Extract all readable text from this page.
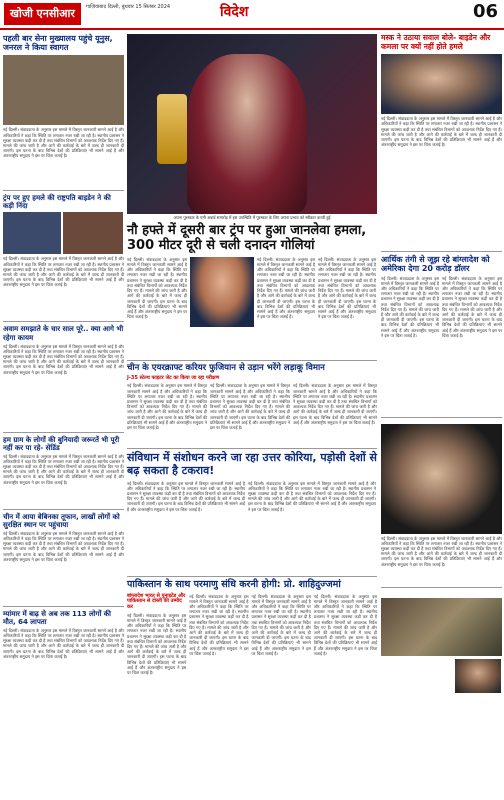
खोजी एनसीआर	गाज़ियाबाद दिल्ली, बुधवार 15 सितंबर 2024	विदेश	06
पहली बार सेना मुख्यालय पहुंचे यूनुस, जनरल ने किया स्वागत
नई दिल्ली। संवाददाता के अनुसार इस मामले में विस्तृत जानकारी सामने आई है और अधिकारियों ने कहा कि स्थिति पर लगातार नजर रखी जा रही है। स्थानीय प्रशासन ने सुरक्षा व्यवस्था कड़ी कर दी है तथा संबंधित विभागों को आवश्यक निर्देश दिए गए हैं। मामले की जांच जारी है और आगे की कार्रवाई के बारे में जल्द ही जानकारी दी जाएगी। इस घटना के बाद विभिन्न देशों की प्रतिक्रियाएं भी सामने आई हैं और अंतरराष्ट्रीय समुदाय ने इस पर चिंता जताई है।
ट्रंप पर हुए हमले की राष्ट्रपति बाइडेन ने की कड़ी निंदा
नई दिल्ली। संवाददाता के अनुसार इस मामले में विस्तृत जानकारी सामने आई है और अधिकारियों ने कहा कि स्थिति पर लगातार नजर रखी जा रही है। स्थानीय प्रशासन ने सुरक्षा व्यवस्था कड़ी कर दी है तथा संबंधित विभागों को आवश्यक निर्देश दिए गए हैं। मामले की जांच जारी है और आगे की कार्रवाई के बारे में जल्द ही जानकारी दी जाएगी। इस घटना के बाद विभिन्न देशों की प्रतिक्रियाएं भी सामने आई हैं और अंतरराष्ट्रीय समुदाय ने इस पर चिंता जताई है।
अवाम समझाते के चार साल पूरे.. क्या आगे भी रहेगा कायम
नई दिल्ली। संवाददाता के अनुसार इस मामले में विस्तृत जानकारी सामने आई है और अधिकारियों ने कहा कि स्थिति पर लगातार नजर रखी जा रही है। स्थानीय प्रशासन ने सुरक्षा व्यवस्था कड़ी कर दी है तथा संबंधित विभागों को आवश्यक निर्देश दिए गए हैं। मामले की जांच जारी है और आगे की कार्रवाई के बारे में जल्द ही जानकारी दी जाएगी। इस घटना के बाद विभिन्न देशों की प्रतिक्रियाएं भी सामने आई हैं और अंतरराष्ट्रीय समुदाय ने इस पर चिंता जताई है।
हम ग्राम के लोगों की बुनियादी जरूरतें भी पूरी नहीं कर पा रहे- सेडिंड
नई दिल्ली। संवाददाता के अनुसार इस मामले में विस्तृत जानकारी सामने आई है और अधिकारियों ने कहा कि स्थिति पर लगातार नजर रखी जा रही है। स्थानीय प्रशासन ने सुरक्षा व्यवस्था कड़ी कर दी है तथा संबंधित विभागों को आवश्यक निर्देश दिए गए हैं। मामले की जांच जारी है और आगे की कार्रवाई के बारे में जल्द ही जानकारी दी जाएगी। इस घटना के बाद विभिन्न देशों की प्रतिक्रियाएं भी सामने आई हैं और अंतरराष्ट्रीय समुदाय ने इस पर चिंता जताई है।
चीन में आया बेबिनका तूफान, लाखों लोगों को सुरक्षित स्थान पर पहुंचाया
नई दिल्ली। संवाददाता के अनुसार इस मामले में विस्तृत जानकारी सामने आई है और अधिकारियों ने कहा कि स्थिति पर लगातार नजर रखी जा रही है। स्थानीय प्रशासन ने सुरक्षा व्यवस्था कड़ी कर दी है तथा संबंधित विभागों को आवश्यक निर्देश दिए गए हैं। मामले की जांच जारी है और आगे की कार्रवाई के बारे में जल्द ही जानकारी दी जाएगी। इस घटना के बाद विभिन्न देशों की प्रतिक्रियाएं भी सामने आई हैं और अंतरराष्ट्रीय समुदाय ने इस पर चिंता जताई है।
म्यांमार में बाढ़ से अब तक 113 लोगों की मौत, 64 लापता
नई दिल्ली। संवाददाता के अनुसार इस मामले में विस्तृत जानकारी सामने आई है और अधिकारियों ने कहा कि स्थिति पर लगातार नजर रखी जा रही है। स्थानीय प्रशासन ने सुरक्षा व्यवस्था कड़ी कर दी है तथा संबंधित विभागों को आवश्यक निर्देश दिए गए हैं। मामले की जांच जारी है और आगे की कार्रवाई के बारे में जल्द ही जानकारी दी जाएगी। इस घटना के बाद विभिन्न देशों की प्रतिक्रियाएं भी सामने आई हैं और अंतरराष्ट्रीय समुदाय ने इस पर चिंता जताई है।
अपना पुरस्कार के एमी अवार्ड समारोह में इस उपस्थिति में पुरस्कार के लिए अपना प्रभाव को स्वीकार करती हुई
नौ हफ्ते में दूसरी बार ट्रंप पर हुआ जानलेवा हमला, 300 मीटर दूरी से चली दनादन गोलियां
नई दिल्ली। संवाददाता के अनुसार इस मामले में विस्तृत जानकारी सामने आई है और अधिकारियों ने कहा कि स्थिति पर लगातार नजर रखी जा रही है। स्थानीय प्रशासन ने सुरक्षा व्यवस्था कड़ी कर दी है तथा संबंधित विभागों को आवश्यक निर्देश दिए गए हैं। मामले की जांच जारी है और आगे की कार्रवाई के बारे में जल्द ही जानकारी दी जाएगी। इस घटना के बाद विभिन्न देशों की प्रतिक्रियाएं भी सामने आई हैं और अंतरराष्ट्रीय समुदाय ने इस पर चिंता जताई है।
नई दिल्ली। संवाददाता के अनुसार इस मामले में विस्तृत जानकारी सामने आई है और अधिकारियों ने कहा कि स्थिति पर लगातार नजर रखी जा रही है। स्थानीय प्रशासन ने सुरक्षा व्यवस्था कड़ी कर दी है तथा संबंधित विभागों को आवश्यक निर्देश दिए गए हैं। मामले की जांच जारी है और आगे की कार्रवाई के बारे में जल्द ही जानकारी दी जाएगी। इस घटना के बाद विभिन्न देशों की प्रतिक्रियाएं भी सामने आई हैं और अंतरराष्ट्रीय समुदाय ने इस पर चिंता जताई है।
नई दिल्ली। संवाददाता के अनुसार इस मामले में विस्तृत जानकारी सामने आई है और अधिकारियों ने कहा कि स्थिति पर लगातार नजर रखी जा रही है। स्थानीय प्रशासन ने सुरक्षा व्यवस्था कड़ी कर दी है तथा संबंधित विभागों को आवश्यक निर्देश दिए गए हैं। मामले की जांच जारी है और आगे की कार्रवाई के बारे में जल्द ही जानकारी दी जाएगी। इस घटना के बाद विभिन्न देशों की प्रतिक्रियाएं भी सामने आई हैं और अंतरराष्ट्रीय समुदाय ने इस पर चिंता जताई है।
चीन के एयरक्राफ्ट करियर फुजियान से उड़ान भरेंगे लड़ाकू विमान
J-35 स्टेल्थ फाइटर जेट का किया जा रहा परीक्षण
नई दिल्ली। संवाददाता के अनुसार इस मामले में विस्तृत जानकारी सामने आई है और अधिकारियों ने कहा कि स्थिति पर लगातार नजर रखी जा रही है। स्थानीय प्रशासन ने सुरक्षा व्यवस्था कड़ी कर दी है तथा संबंधित विभागों को आवश्यक निर्देश दिए गए हैं। मामले की जांच जारी है और आगे की कार्रवाई के बारे में जल्द ही जानकारी दी जाएगी। इस घटना के बाद विभिन्न देशों की प्रतिक्रियाएं भी सामने आई हैं और अंतरराष्ट्रीय समुदाय ने इस पर चिंता जताई है।
नई दिल्ली। संवाददाता के अनुसार इस मामले में विस्तृत जानकारी सामने आई है और अधिकारियों ने कहा कि स्थिति पर लगातार नजर रखी जा रही है। स्थानीय प्रशासन ने सुरक्षा व्यवस्था कड़ी कर दी है तथा संबंधित विभागों को आवश्यक निर्देश दिए गए हैं। मामले की जांच जारी है और आगे की कार्रवाई के बारे में जल्द ही जानकारी दी जाएगी। इस घटना के बाद विभिन्न देशों की प्रतिक्रियाएं भी सामने आई हैं और अंतरराष्ट्रीय समुदाय ने इस पर चिंता जताई है।
नई दिल्ली। संवाददाता के अनुसार इस मामले में विस्तृत जानकारी सामने आई है और अधिकारियों ने कहा कि स्थिति पर लगातार नजर रखी जा रही है। स्थानीय प्रशासन ने सुरक्षा व्यवस्था कड़ी कर दी है तथा संबंधित विभागों को आवश्यक निर्देश दिए गए हैं। मामले की जांच जारी है और आगे की कार्रवाई के बारे में जल्द ही जानकारी दी जाएगी। इस घटना के बाद विभिन्न देशों की प्रतिक्रियाएं भी सामने आई हैं और अंतरराष्ट्रीय समुदाय ने इस पर चिंता जताई है।
संविधान में संशोधन करने जा रहा उत्तर कोरिया, पड़ोसी देशों से बढ़ सकता है टकराव!
नई दिल्ली। संवाददाता के अनुसार इस मामले में विस्तृत जानकारी सामने आई है और अधिकारियों ने कहा कि स्थिति पर लगातार नजर रखी जा रही है। स्थानीय प्रशासन ने सुरक्षा व्यवस्था कड़ी कर दी है तथा संबंधित विभागों को आवश्यक निर्देश दिए गए हैं। मामले की जांच जारी है और आगे की कार्रवाई के बारे में जल्द ही जानकारी दी जाएगी। इस घटना के बाद विभिन्न देशों की प्रतिक्रियाएं भी सामने आई हैं और अंतरराष्ट्रीय समुदाय ने इस पर चिंता जताई है।
नई दिल्ली। संवाददाता के अनुसार इस मामले में विस्तृत जानकारी सामने आई है और अधिकारियों ने कहा कि स्थिति पर लगातार नजर रखी जा रही है। स्थानीय प्रशासन ने सुरक्षा व्यवस्था कड़ी कर दी है तथा संबंधित विभागों को आवश्यक निर्देश दिए गए हैं। मामले की जांच जारी है और आगे की कार्रवाई के बारे में जल्द ही जानकारी दी जाएगी। इस घटना के बाद विभिन्न देशों की प्रतिक्रियाएं भी सामने आई हैं और अंतरराष्ट्रीय समुदाय ने इस पर चिंता जताई है।
पाकिस्तान के साथ परमाणु संधि करनी होगी: प्रो. शाहिदुज्जमां
बांग्लादेश भारत से युनाइटेड और पाकिस्तान से दोस्ती की उम्मीद कर
नई दिल्ली। संवाददाता के अनुसार इस मामले में विस्तृत जानकारी सामने आई है और अधिकारियों ने कहा कि स्थिति पर लगातार नजर रखी जा रही है। स्थानीय प्रशासन ने सुरक्षा व्यवस्था कड़ी कर दी है तथा संबंधित विभागों को आवश्यक निर्देश दिए गए हैं। मामले की जांच जारी है और आगे की कार्रवाई के बारे में जल्द ही जानकारी दी जाएगी। इस घटना के बाद विभिन्न देशों की प्रतिक्रियाएं भी सामने आई हैं और अंतरराष्ट्रीय समुदाय ने इस पर चिंता जताई है।
नई दिल्ली। संवाददाता के अनुसार इस मामले में विस्तृत जानकारी सामने आई है और अधिकारियों ने कहा कि स्थिति पर लगातार नजर रखी जा रही है। स्थानीय प्रशासन ने सुरक्षा व्यवस्था कड़ी कर दी है तथा संबंधित विभागों को आवश्यक निर्देश दिए गए हैं। मामले की जांच जारी है और आगे की कार्रवाई के बारे में जल्द ही जानकारी दी जाएगी। इस घटना के बाद विभिन्न देशों की प्रतिक्रियाएं भी सामने आई हैं और अंतरराष्ट्रीय समुदाय ने इस पर चिंता जताई है।
नई दिल्ली। संवाददाता के अनुसार इस मामले में विस्तृत जानकारी सामने आई है और अधिकारियों ने कहा कि स्थिति पर लगातार नजर रखी जा रही है। स्थानीय प्रशासन ने सुरक्षा व्यवस्था कड़ी कर दी है तथा संबंधित विभागों को आवश्यक निर्देश दिए गए हैं। मामले की जांच जारी है और आगे की कार्रवाई के बारे में जल्द ही जानकारी दी जाएगी। इस घटना के बाद विभिन्न देशों की प्रतिक्रियाएं भी सामने आई हैं और अंतरराष्ट्रीय समुदाय ने इस पर चिंता जताई है।
नई दिल्ली। संवाददाता के अनुसार इस मामले में विस्तृत जानकारी सामने आई है और अधिकारियों ने कहा कि स्थिति पर लगातार नजर रखी जा रही है। स्थानीय प्रशासन ने सुरक्षा व्यवस्था कड़ी कर दी है तथा संबंधित विभागों को आवश्यक निर्देश दिए गए हैं। मामले की जांच जारी है और आगे की कार्रवाई के बारे में जल्द ही जानकारी दी जाएगी। इस घटना के बाद विभिन्न देशों की प्रतिक्रियाएं भी सामने आई हैं और अंतरराष्ट्रीय समुदाय ने इस पर चिंता जताई है।
मस्क ने उठाया सवाल बोले- बाइडेन और कमला पर क्यों नहीं होते हमले
नई दिल्ली। संवाददाता के अनुसार इस मामले में विस्तृत जानकारी सामने आई है और अधिकारियों ने कहा कि स्थिति पर लगातार नजर रखी जा रही है। स्थानीय प्रशासन ने सुरक्षा व्यवस्था कड़ी कर दी है तथा संबंधित विभागों को आवश्यक निर्देश दिए गए हैं। मामले की जांच जारी है और आगे की कार्रवाई के बारे में जल्द ही जानकारी दी जाएगी। इस घटना के बाद विभिन्न देशों की प्रतिक्रियाएं भी सामने आई हैं और अंतरराष्ट्रीय समुदाय ने इस पर चिंता जताई है।
आर्थिक तंगी से जूझ रहे बांग्लादेश को अमेरिका देगा 20 करोड़ डॉलर
नई दिल्ली। संवाददाता के अनुसार इस मामले में विस्तृत जानकारी सामने आई है और अधिकारियों ने कहा कि स्थिति पर लगातार नजर रखी जा रही है। स्थानीय प्रशासन ने सुरक्षा व्यवस्था कड़ी कर दी है तथा संबंधित विभागों को आवश्यक निर्देश दिए गए हैं। मामले की जांच जारी है और आगे की कार्रवाई के बारे में जल्द ही जानकारी दी जाएगी। इस घटना के बाद विभिन्न देशों की प्रतिक्रियाएं भी सामने आई हैं और अंतरराष्ट्रीय समुदाय ने इस पर चिंता जताई है।
नई दिल्ली। संवाददाता के अनुसार इस मामले में विस्तृत जानकारी सामने आई है और अधिकारियों ने कहा कि स्थिति पर लगातार नजर रखी जा रही है। स्थानीय प्रशासन ने सुरक्षा व्यवस्था कड़ी कर दी है तथा संबंधित विभागों को आवश्यक निर्देश दिए गए हैं। मामले की जांच जारी है और आगे की कार्रवाई के बारे में जल्द ही जानकारी दी जाएगी। इस घटना के बाद विभिन्न देशों की प्रतिक्रियाएं भी सामने आई हैं और अंतरराष्ट्रीय समुदाय ने इस पर चिंता जताई है।
नई दिल्ली। संवाददाता के अनुसार इस मामले में विस्तृत जानकारी सामने आई है और अधिकारियों ने कहा कि स्थिति पर लगातार नजर रखी जा रही है। स्थानीय प्रशासन ने सुरक्षा व्यवस्था कड़ी कर दी है तथा संबंधित विभागों को आवश्यक निर्देश दिए गए हैं। मामले की जांच जारी है और आगे की कार्रवाई के बारे में जल्द ही जानकारी दी जाएगी। इस घटना के बाद विभिन्न देशों की प्रतिक्रियाएं भी सामने आई हैं और अंतरराष्ट्रीय समुदाय ने इस पर चिंता जताई है।
